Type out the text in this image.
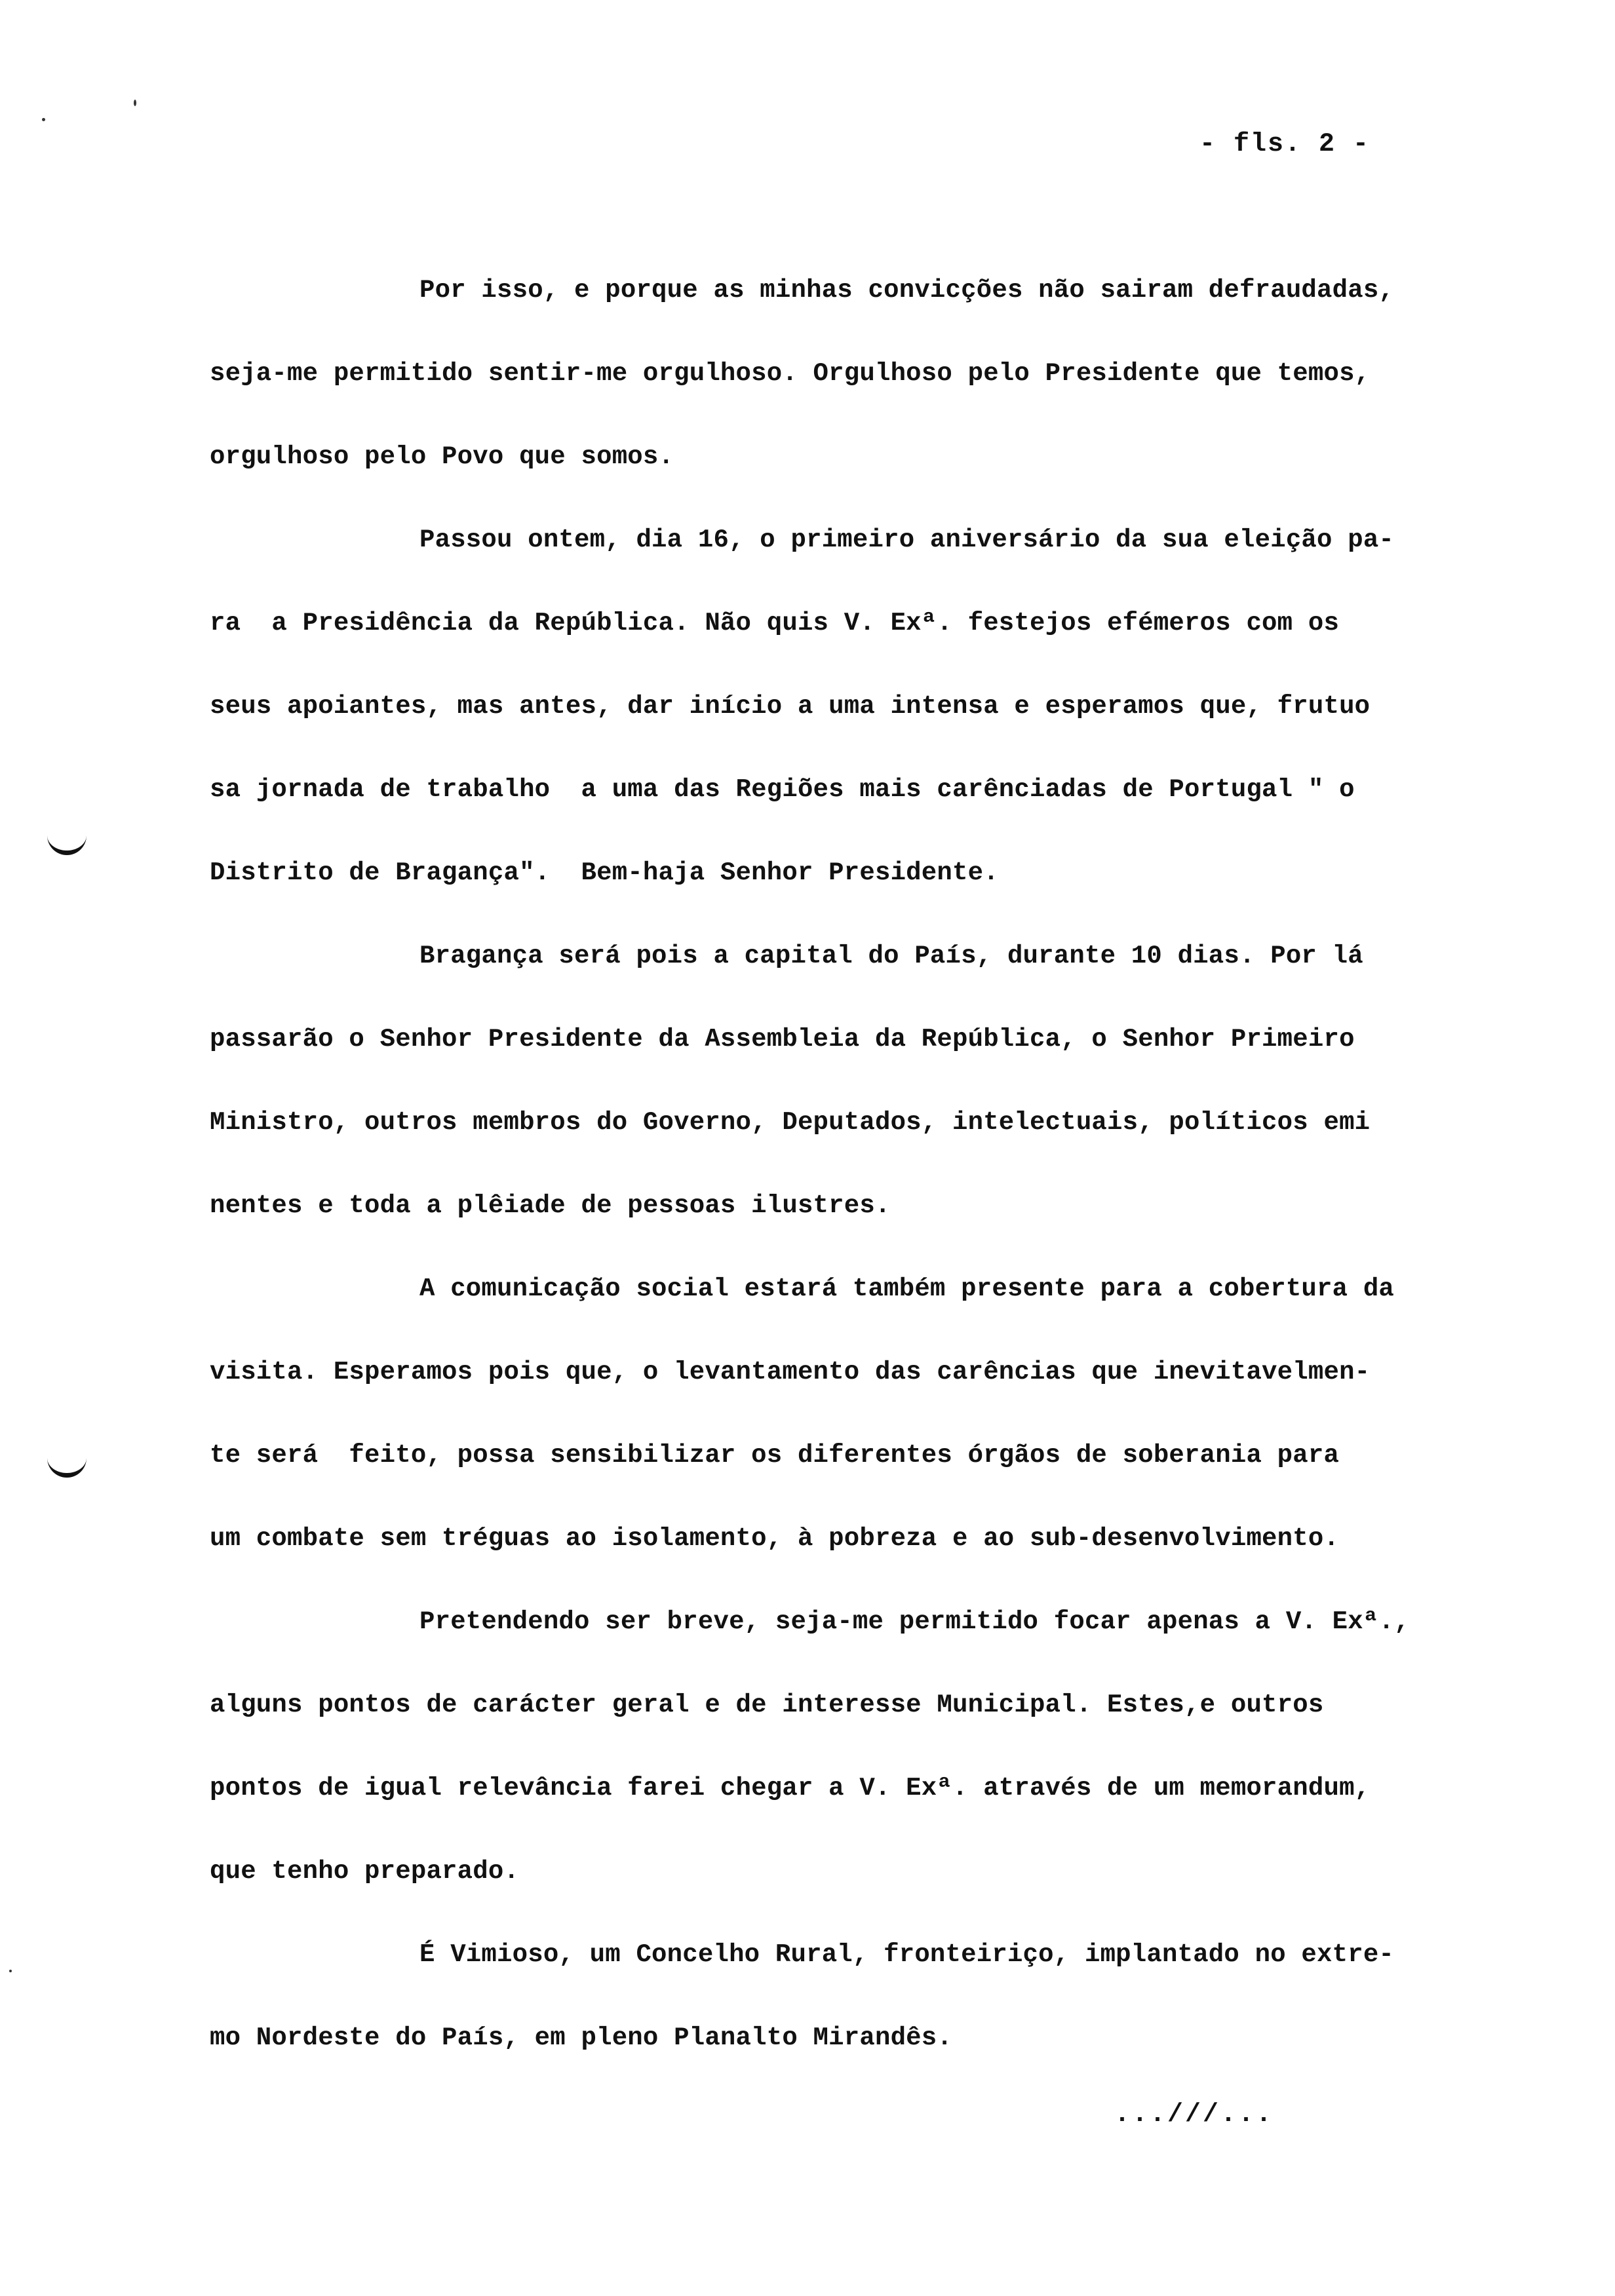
- fls. 2 -
Por isso, e porque as minhas convicções não sairam defraudadas,
seja-me permitido sentir-me orgulhoso. Orgulhoso pelo Presidente que temos,
orgulhoso pelo Povo que somos.
Passou ontem, dia 16, o primeiro aniversário da sua eleição pa-
ra  a Presidência da República. Não quis V. Exª. festejos efémeros com os
seus apoiantes, mas antes, dar início a uma intensa e esperamos que, frutuo
sa jornada de trabalho  a uma das Regiões mais carênciadas de Portugal " o
Distrito de Bragança".  Bem-haja Senhor Presidente.
Bragança será pois a capital do País, durante 10 dias. Por lá
passarão o Senhor Presidente da Assembleia da República, o Senhor Primeiro
Ministro, outros membros do Governo, Deputados, intelectuais, políticos emi
nentes e toda a plêiade de pessoas ilustres.
A comunicação social estará também presente para a cobertura da
visita. Esperamos pois que, o levantamento das carências que inevitavelmen-
te será  feito, possa sensibilizar os diferentes órgãos de soberania para
um combate sem tréguas ao isolamento, à pobreza e ao sub-desenvolvimento.
Pretendendo ser breve, seja-me permitido focar apenas a V. Exª.,
alguns pontos de carácter geral e de interesse Municipal. Estes,e outros
pontos de igual relevância farei chegar a V. Exª. através de um memorandum,
que tenho preparado.
É Vimioso, um Concelho Rural, fronteiriço, implantado no extre-
mo Nordeste do País, em pleno Planalto Mirandês.
...///...
